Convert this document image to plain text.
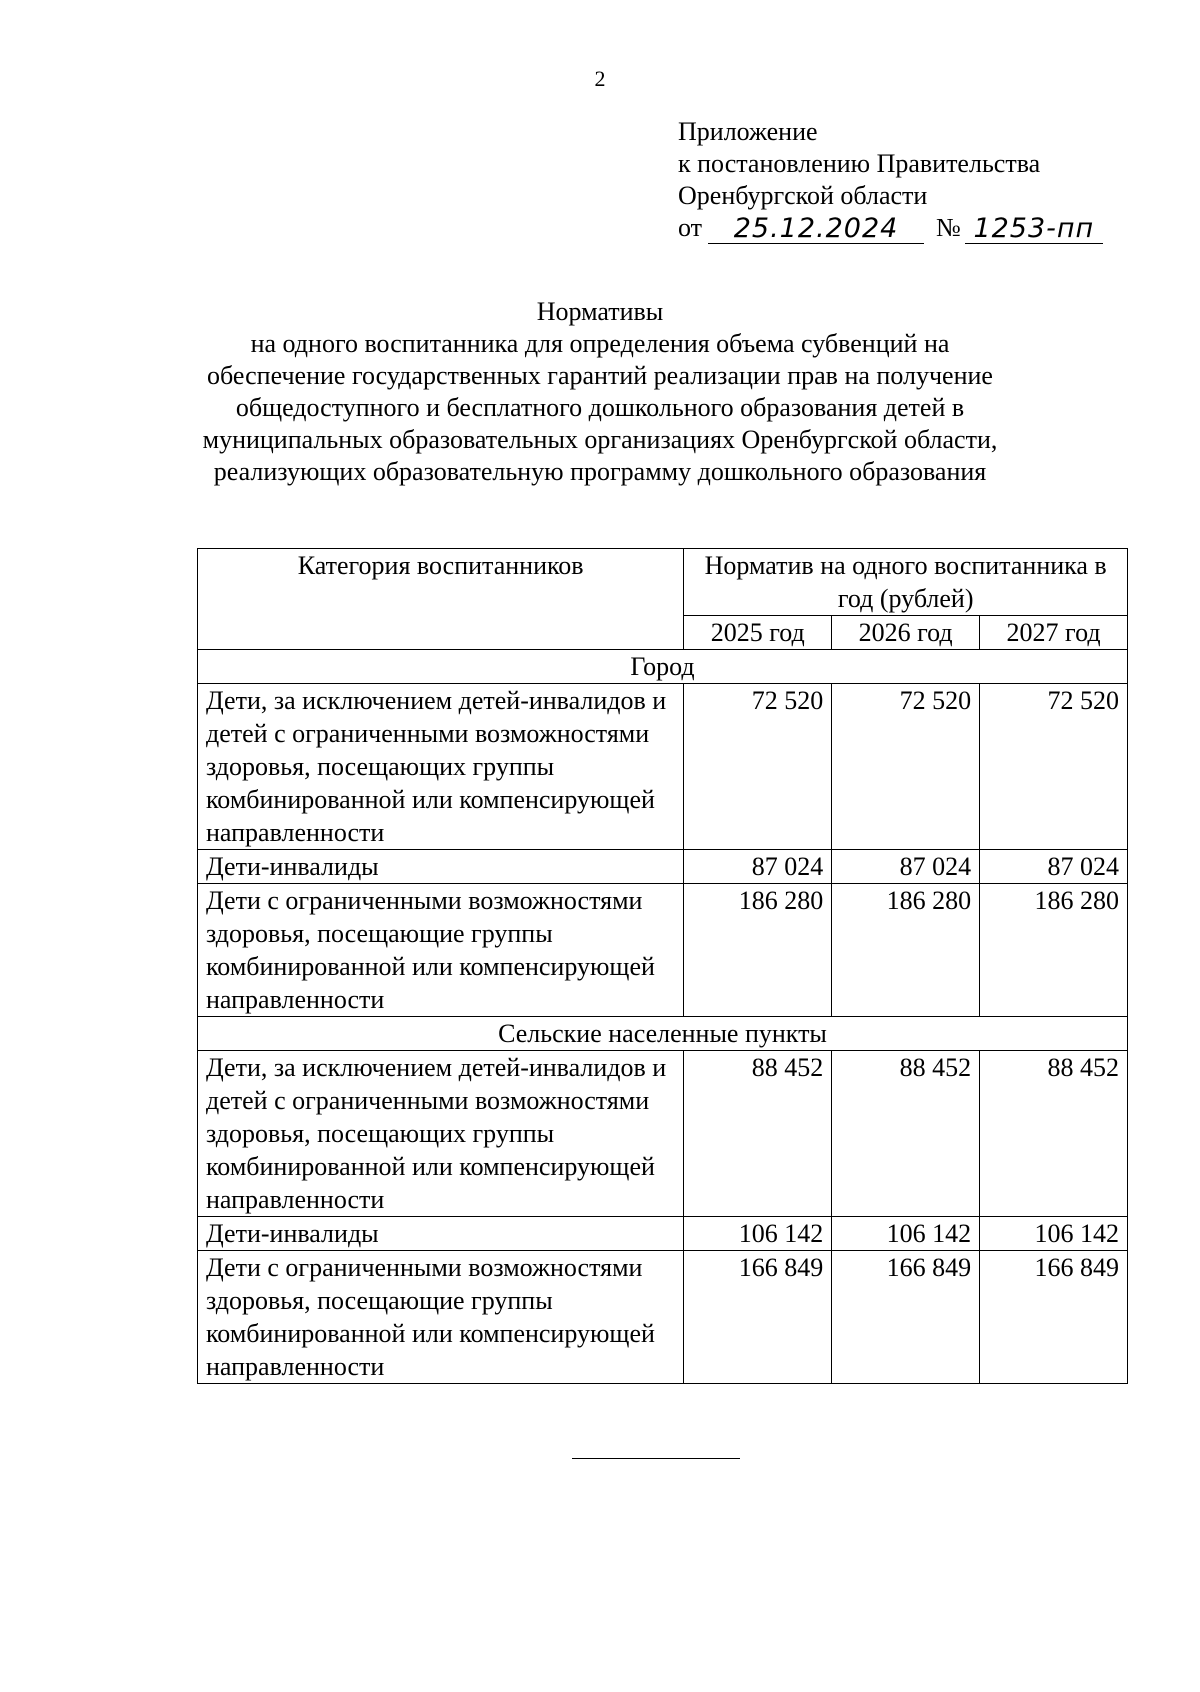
2
Приложение
к постановлению Правительства
Оренбургской области
от	25.12.2024	№ 1253-пп
Нормативы
на одного воспитанника для определения объема субвенций на
обеспечение государственных гарантий реализации прав на получение
общедоступного и бесплатного дошкольного образования детей в
муниципальных образовательных организациях Оренбургской области,
реализующих образовательную программу дошкольного образования
Категория воспитанников	Норматив на одного воспитанника в год (рублей)		
	2025 год	2026 год	2027 год
Город			
Дети, за исключением детей-инвалидов и детей с ограниченными возможностями здоровья, посещающих группы комбинированной или компенсирующей направленности	72 520	72 520	72 520
Дети-инвалиды	87 024	87 024	87 024
Дети с ограниченными возможностями здоровья, посещающие группы комбинированной или компенсирующей направленности	186 280	186 280	186 280
Сельские населенные пункты			
Дети, за исключением детей-инвалидов и детей с ограниченными возможностями здоровья, посещающих группы комбинированной или компенсирующей направленности	88 452	88 452	88 452
Дети-инвалиды	106 142	106 142	106 142
Дети с ограниченными возможностями здоровья, посещающие группы комбинированной или компенсирующей направленности	166 849	166 849	166 849
